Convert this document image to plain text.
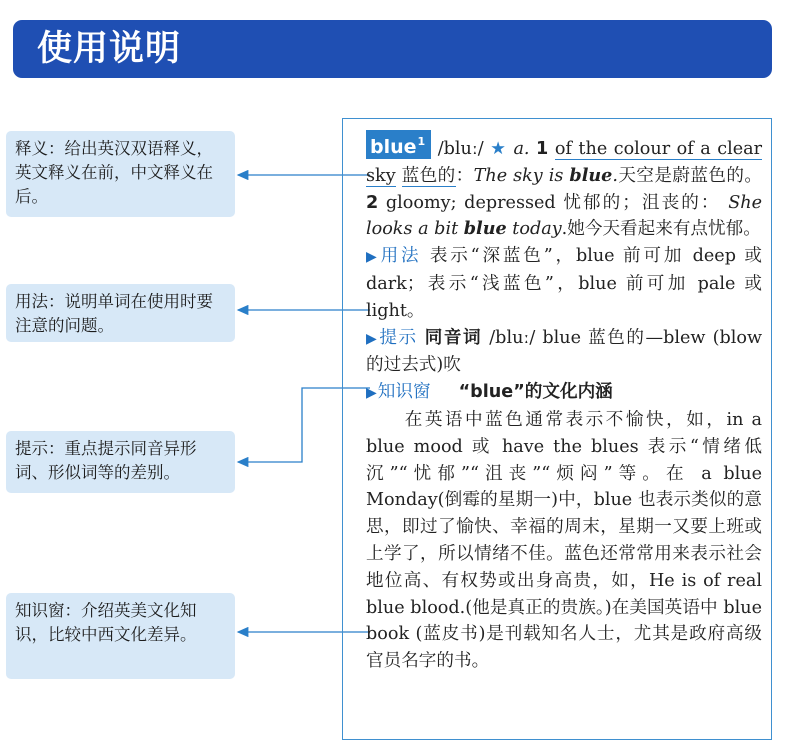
使用说明
释义：给出英汉双语释义，英文释义在前，中文释义在后。
用法：说明单词在使用时要注意的问题。
提示：重点提示同音异形词、形似词等的差别。
知识窗：介绍英美文化知识，比较中西文化差异。

blue$^1$ /bluː/ ★ a. 1 of the colour of a clear sky 蓝色的：The sky is blue.天空是蔚蓝色的。 2 gloomy; depressed 忧郁的；沮丧的： She looks a bit blue today.她今天看起来有点忧郁。

▶用法 表示“深蓝色”，blue 前可加 deep 或 dark；表示“浅蓝色”，blue 前可加 pale 或 light。

▶提示 同音词 /bluː/ blue 蓝色的—blew (blow 的过去式)吹

▶知识窗 “blue”的文化内涵

在英语中蓝色通常表示不愉快，如，in a blue mood 或 have the blues 表示“情绪低沉”“忧郁”“沮丧”“烦闷”等。在 a blue Monday(倒霉的星期一)中，blue 也表示类似的意思，即过了愉快、幸福的周末，星期一又要上班或上学了，所以情绪不佳。蓝色还常常用来表示社会地位高、有权势或出身高贵，如，He is of real blue blood.(他是真正的贵族。)在美国英语中 blue book (蓝皮书)是刊载知名人士，尤其是政府高级官员名字的书。
